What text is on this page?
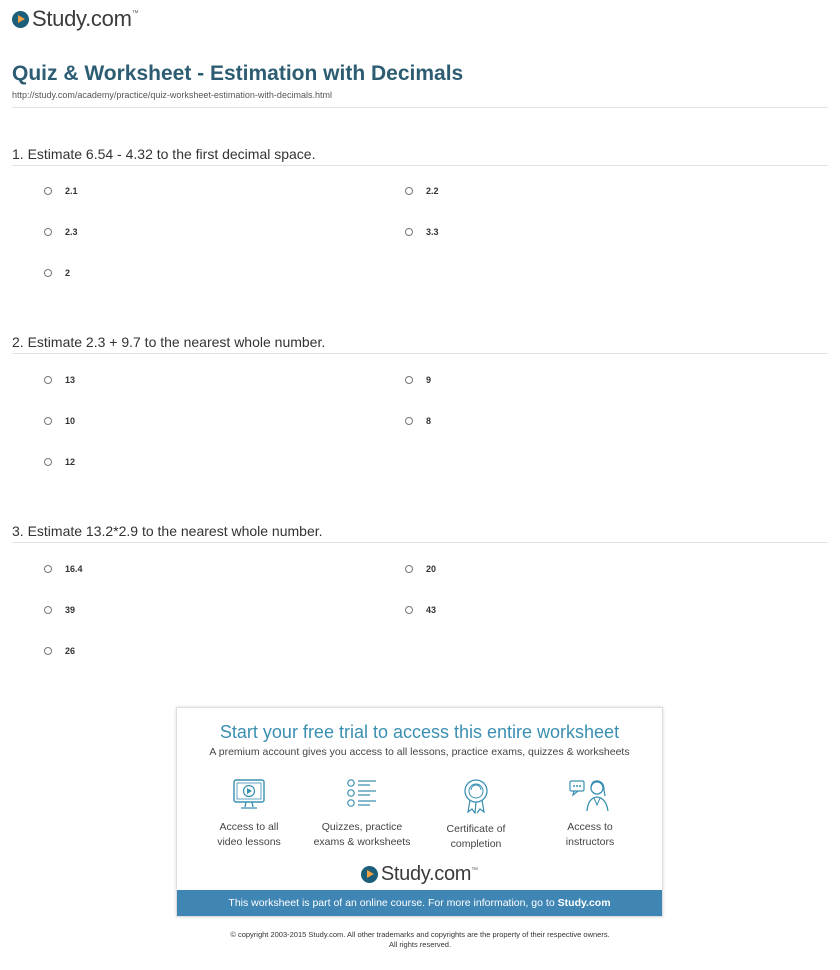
Study.com ™
Quiz & Worksheet - Estimation with Decimals
http://study.com/academy/practice/quiz-worksheet-estimation-with-decimals.html
1. Estimate 6.54 - 4.32 to the first decimal space.
2.1	2.2
2.3	3.3
2
2. Estimate 2.3 + 9.7 to the nearest whole number.
13	9
10	8
12
3. Estimate 13.2*2.9 to the nearest whole number.
16.4	20
39	43
26
Start your free trial to access this entire worksheet
A premium account gives you access to all lessons, practice exams, quizzes & worksheets
Access to all
video lessons
Quizzes, practice
exams & worksheets
Certificate of
completion
Access to
instructors
Study.com ™
This worksheet is part of an online course. For more information, go to Study.com
© copyright 2003-2015 Study.com. All other trademarks and copyrights are the property of their respective owners.
All rights reserved.
